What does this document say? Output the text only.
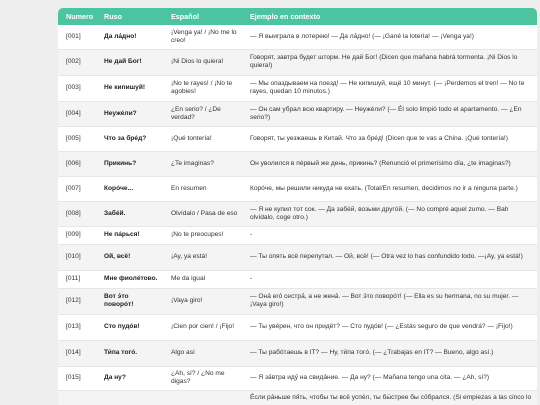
Numero	Ruso	Español	Ejemplo en contexto
[001]	Да ла́дно!	¡Venga ya! / ¡No me lo creo!	— Я выиграла в лотерею! — Да ла́дно! (— ¡Gané la lotería! — ¡Venga ya!)
[002]	Не дай Бог!	¡Ni Dios lo quiera!	Говорят, завтра будет шторм. Не дай Бог! (Dicen que mañana habrá tormenta. ¡Ni Dios lo quiera!)
[003]	Не кипишуй!	¡No te rayes! / ¡No te agobies!	— Мы опаздываем на поезд! — Не кипишуй, ещё 10 минут. (— ¡Perdemos el tren! — No te rayes, quedan 10 minutos.)
[004]	Неужéли?	¿En serio? / ¿De verdad?	— Он сам убрал всю квартиру. — Неужéли? (— Él solo limpió todo el apartamento. — ¿En serio?)
[005]	Что за брéд?	¡Qué tontería!	Говорят, ты уезжаешь в Китай. Что за брéд! (Dicen que te vas a China. ¡Qué tontería!)
[006]	Прикинь?	¿Te imaginas?	Он уволился в пéрвый же день, прикинь? (Renunció el primerísimo día, ¿te imaginas?)
[007]	Корóче...	En resumen	Корóче, мы решили никуда не ехать. (Total/En resumen, decidimos no ir a ninguna parte.)
[008]	Забéй.	Olvídalo / Pasa de eso	— Я не купил тот сок. — Да забéй, возьми другóй. (— No compré aquel zumo. — Bah olvídalo, coge otro.)
[009]	Не пáрься!	¡No te preocupes!	-
[010]	Ой, всё!	¡Ay, ya está!	— Ты опять всё перепутал. — Ой, всё! (— Otra vez lo has confundido todo. —¡Ay, ya está!)
[011]	Мне фиолéтово.	Me da igual	-
[012]	Вот э́то поворóт!	¡Vaya giro!	— Она́ его́ сестра́, а не жена́. — Вот э́то поворóт! (— Ella es su hermana, no su mujer. — ¡Vaya giro!)
[013]	Сто пудóв!	¡Cien por cien! / ¡Fijo!	— Ты увéрен, что он придёт? — Сто пудóв! (— ¿Estás seguro de que vendrá? — ¡Fijo!)
[014]	Ти́па тогó.	Algo así	— Ты рабóтаешь в IT? — Ну, ти́па тогó. (— ¿Trabajas en IT? — Bueno, algo así.)
[015]	Да ну?	¿Ah, sí? / ¿No me digas?	— Я за́втра иду́ на свида́ние. — Да ну? (— Mañana tengo una cita. — ¿Ah, sí?)
			Éсли ра́ньше пя́ть, чтобы ты всё успéл, ты бы́стрее бы со́брался. (Si empiezas a las cinco lo
